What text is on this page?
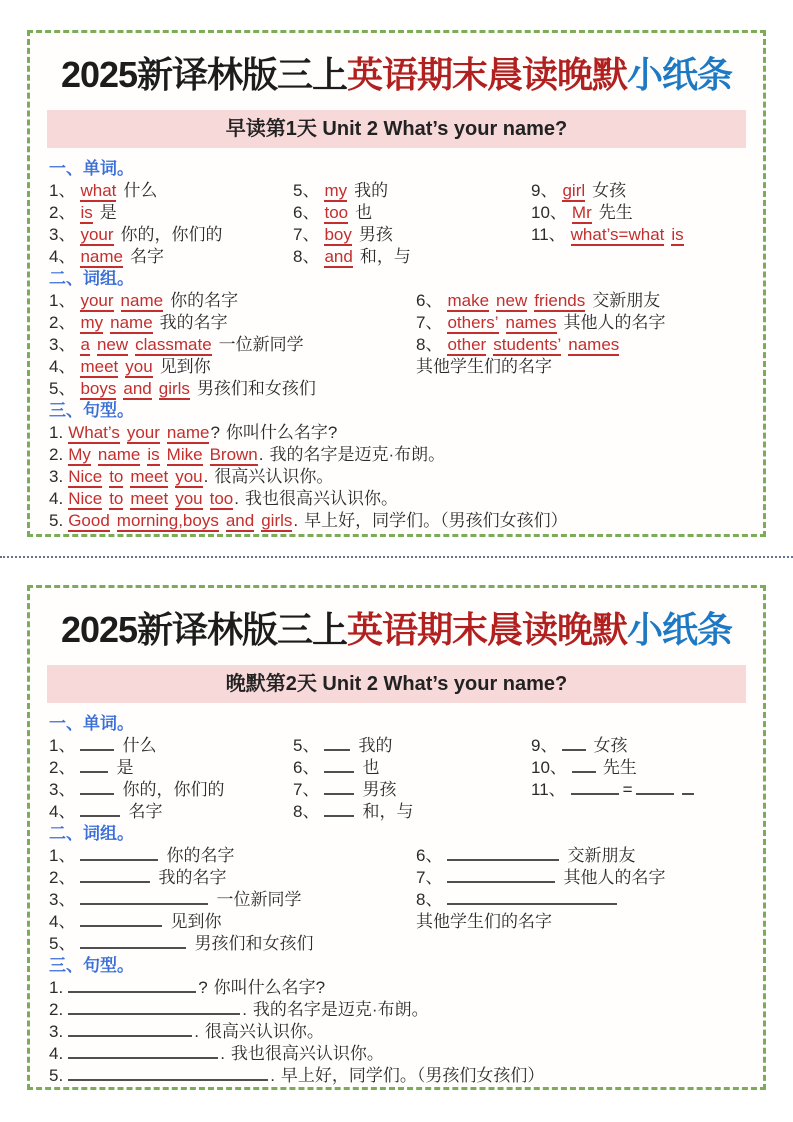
2025新译林版三上英语期末晨读晚默小纸条
早读第1天 Unit 2 What’s your name?
一、单词。
1、 what 什么
2、 is 是
3、 your 你的，你们的
4、 name 名字
5、 my 我的
6、 too 也
7、 boy 男孩
8、 and 和，与
9、 girl 女孩
10、 Mr 先生
11、 what’s=what is
二、词组。
1、 your name 你的名字
2、 my name 我的名字
3、 a new classmate 一位新同学
4、 meet you 见到你
5、 boys and girls 男孩们和女孩们
6、 make new friends 交新朋友
7、 others’ names 其他人的名字
8、 other students’ names
其他学生们的名字
三、句型。
1. What’s your name? 你叫什么名字?
2. My name is Mike Brown. 我的名字是迈克·布朗。
3. Nice to meet you. 很高兴认识你。
4. Nice to meet you too. 我也很高兴认识你。
5. Good morning,boys and girls. 早上好，同学们。（男孩们女孩们）
2025新译林版三上英语期末晨读晚默小纸条
晚默第2天 Unit 2 What’s your name?
一、单词。
1、	什么
2、 是
3、	你的，你们的
4、	名字
5、 我的
6、	也
7、	男孩
8、	和，与
9、 女孩
10、 先生
11、	=
二、词组。
1、	你的名字
2、	我的名字
3、	一位新同学
4、	见到你
5、	男孩们和女孩们
6、	交新朋友
7、	其他人的名字
8、
其他学生们的名字
三、句型。
1.	? 你叫什么名字?
2.	. 我的名字是迈克·布朗。
3.	. 很高兴认识你。
4.	. 我也很高兴认识你。
5.	. 早上好，同学们。（男孩们女孩们）
